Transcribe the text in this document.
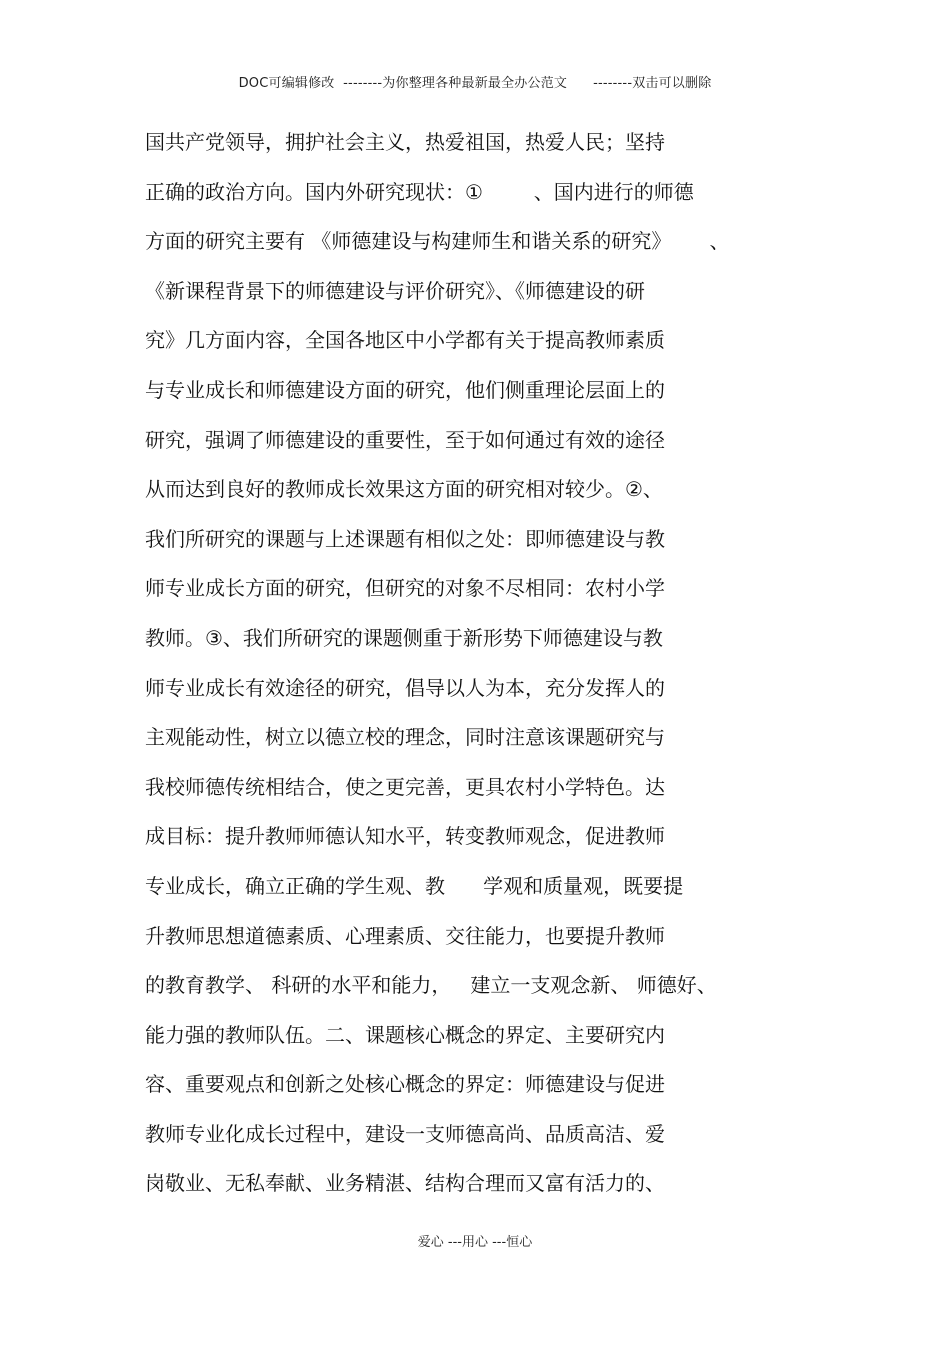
DOC可编辑修改  --------为你整理各种最新最全办公范文      --------双击可以删除
国共产党领导，拥护社会主义，热爱祖国，热爱人民；坚持
正确的政治方向。国内外研究现状：①        、国内进行的师德
方面的研究主要有 《师德建设与构建师生和谐关系的研究》      、
《新课程背景下的师德建设与评价研究》、《师德建设的研
究》几方面内容，全国各地区中小学都有关于提高教师素质
与专业成长和师德建设方面的研究，他们侧重理论层面上的
研究，强调了师德建设的重要性，至于如何通过有效的途径
从而达到良好的教师成长效果这方面的研究相对较少。②、
我们所研究的课题与上述课题有相似之处：即师德建设与教
师专业成长方面的研究，但研究的对象不尽相同：农村小学
教师。③、我们所研究的课题侧重于新形势下师德建设与教
师专业成长有效途径的研究，倡导以人为本，充分发挥人的
主观能动性，树立以德立校的理念，同时注意该课题研究与
我校师德传统相结合，使之更完善，更具农村小学特色。达
成目标：提升教师师德认知水平，转变教师观念，促进教师
专业成长，确立正确的学生观、教      学观和质量观，既要提
升教师思想道德素质、心理素质、交往能力，也要提升教师
的教育教学、 科研的水平和能力，   建立一支观念新、 师德好、
能力强的教师队伍。二、课题核心概念的界定、主要研究内
容、重要观点和创新之处核心概念的界定：师德建设与促进
教师专业化成长过程中，建设一支师德高尚、品质高洁、爱
岗敬业、无私奉献、业务精湛、结构合理而又富有活力的、
爱心 ---用心 ---恒心
